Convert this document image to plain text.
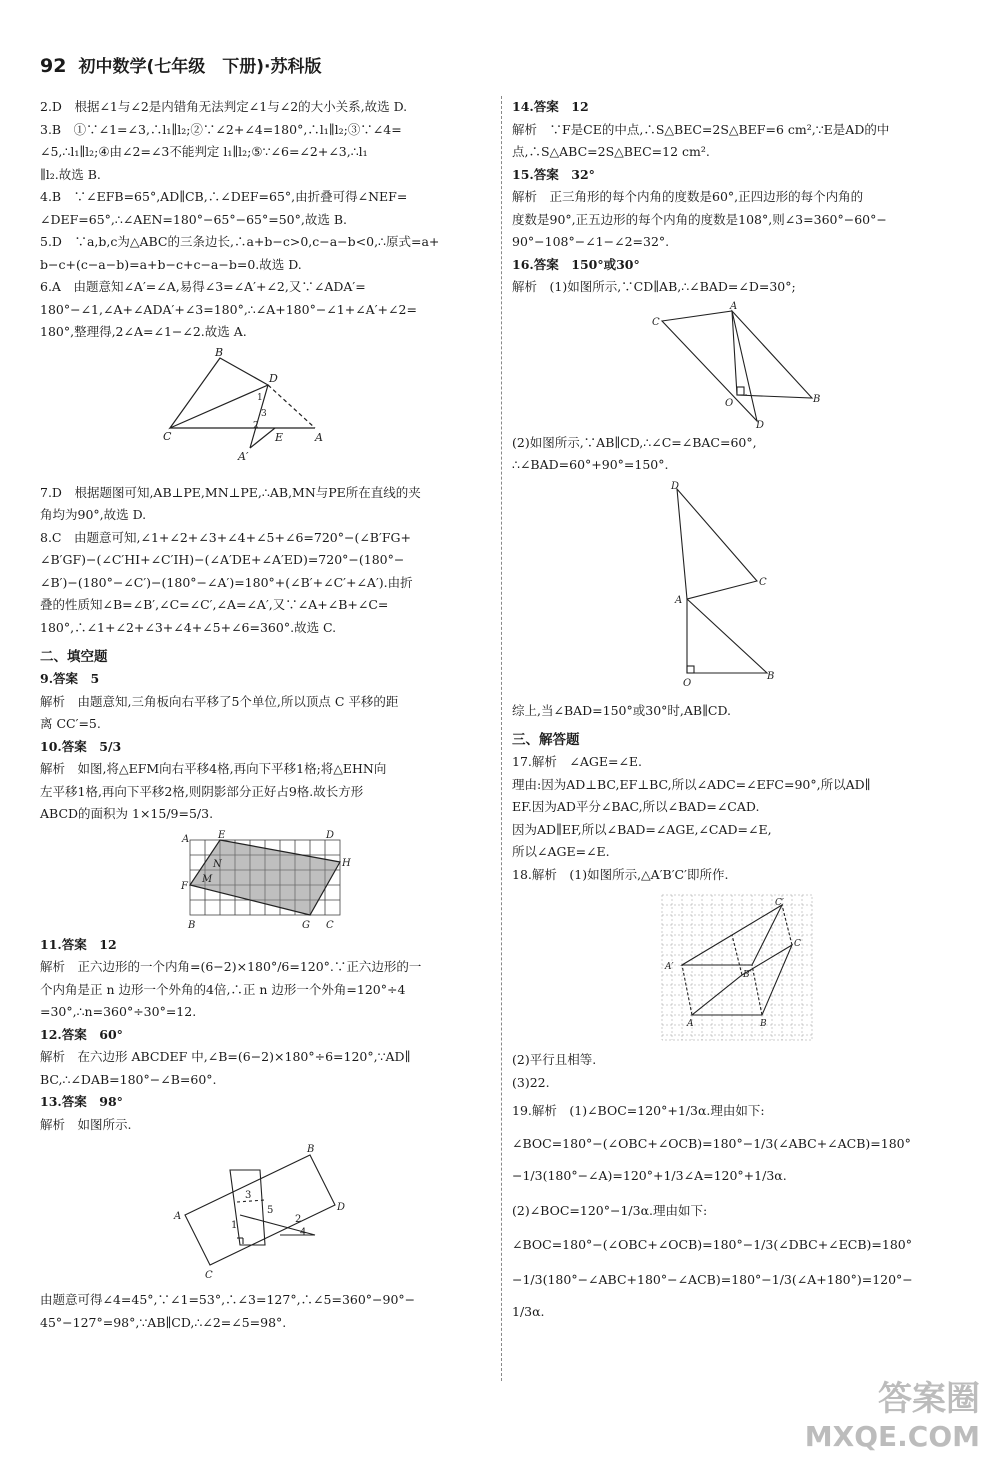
92 初中数学(七年级　下册)·苏科版

2.D　根据∠1与∠2是内错角无法判定∠1与∠2的大小关系,故选 D.

3.B　①∵∠1=∠3,∴l₁∥l₂;②∵∠2+∠4=180°,∴l₁∥l₂;③∵∠4=

∠5,∴l₁∥l₂;④由∠2=∠3不能判定 l₁∥l₂;⑤∵∠6=∠2+∠3,∴l₁

∥l₂.故选 B.

4.B　∵∠EFB=65°,AD∥CB,∴∠DEF=65°,由折叠可得∠NEF=

∠DEF=65°,∴∠AEN=180°−65°−65°=50°,故选 B.

5.D　∵a,b,c为△ABC的三条边长,∴a+b−c>0,c−a−b<0,∴原式=a+

b−c+(c−a−b)=a+b−c+c−a−b=0.故选 D.

6.A　由题意知∠A′=∠A,易得∠3=∠A′+∠2,又∵∠ADA′=

180°−∠1,∠A+∠ADA′+∠3=180°,∴∠A+180°−∠1+∠A′+∠2=

180°,整理得,2∠A=∠1−∠2.故选 A.

B
D
C	A
E
A′
1
3
2

7.D　根据题图可知,AB⊥PE,MN⊥PE,∴AB,MN与PE所在直线的夹

角均为90°,故选 D.

8.C　由题意可知,∠1+∠2+∠3+∠4+∠5+∠6=720°−(∠B′FG+

∠B′GF)−(∠C′HI+∠C′IH)−(∠A′DE+∠A′ED)=720°−(180°−

∠B′)−(180°−∠C′)−(180°−∠A′)=180°+(∠B′+∠C′+∠A′).由折

叠的性质知∠B=∠B′,∠C=∠C′,∠A=∠A′,又∵∠A+∠B+∠C=

180°,∴∠1+∠2+∠3+∠4+∠5+∠6=360°.故选 C.

二、填空题

9.答案　5

解析　由题意知,三角板向右平移了5个单位,所以顶点 C 平移的距

离 CC′=5.

10.答案　5/3

解析　如图,将△EFM向右平移4格,再向下平移1格;将△EHN向

左平移1格,再向下平移2格,则阴影部分正好占9格.故长方形

ABCD的面积为 1×15/9=5/3.

A	E	D
H
F
B	G C
N
M

11.答案　12

解析　正六边形的一个内角=(6−2)×180°/6=120°.∵正六边形的一

个内角是正 n 边形一个外角的4倍,∴正 n 边形一个外角=120°÷4

=30°,∴n=360°÷30°=12.

12.答案　60°

解析　在六边形 ABCDEF 中,∠B=(6−2)×180°÷6=120°,∵AD∥

BC,∴∠DAB=180°−∠B=60°.

13.答案　98°

解析　如图所示.

A
B
D
C
3
1
5
2
4

由题意可得∠4=45°,∵∠1=53°,∴∠3=127°,∴∠5=360°−90°−

45°−127°=98°,∵AB∥CD,∴∠2=∠5=98°.

14.答案　12

解析　∵F是CE的中点,∴S△BEC=2S△BEF=6 cm²,∵E是AD的中

点,∴S△ABC=2S△BEC=12 cm².

15.答案　32°

解析　正三角形的每个内角的度数是60°,正四边形的每个内角的

度数是90°,正五边形的每个内角的度数是108°,则∠3=360°−60°−

90°−108°−∠1−∠2=32°.

16.答案　150°或30°

解析　(1)如图所示,∵CD∥AB,∴∠BAD=∠D=30°;

C
A
O	B
D

(2)如图所示,∵AB∥CD,∴∠C=∠BAC=60°,

∴∠BAD=60°+90°=150°.

D
C
A
O
B

综上,当∠BAD=150°或30°时,AB∥CD.

三、解答题

17.解析　∠AGE=∠E.

理由:因为AD⊥BC,EF⊥BC,所以∠ADC=∠EFC=90°,所以AD∥

EF.因为AD平分∠BAC,所以∠BAD=∠CAD.

因为AD∥EF,所以∠BAD=∠AGE,∠CAD=∠E,

所以∠AGE=∠E.

18.解析　(1)如图所示,△A′B′C′即所作.

A	B
C
A′
B′
C′

(2)平行且相等.

(3)22.

19.解析　(1)∠BOC=120°+1/3α.理由如下:

∠BOC=180°−(∠OBC+∠OCB)=180°−1/3(∠ABC+∠ACB)=180°

−1/3(180°−∠A)=120°+1/3∠A=120°+1/3α.

(2)∠BOC=120°−1/3α.理由如下:

∠BOC=180°−(∠OBC+∠OCB)=180°−1/3(∠DBC+∠ECB)=180°

−1/3(180°−∠ABC+180°−∠ACB)=180°−1/3(∠A+180°)=120°−

1/3α.

答案圈
MXQE.COM
